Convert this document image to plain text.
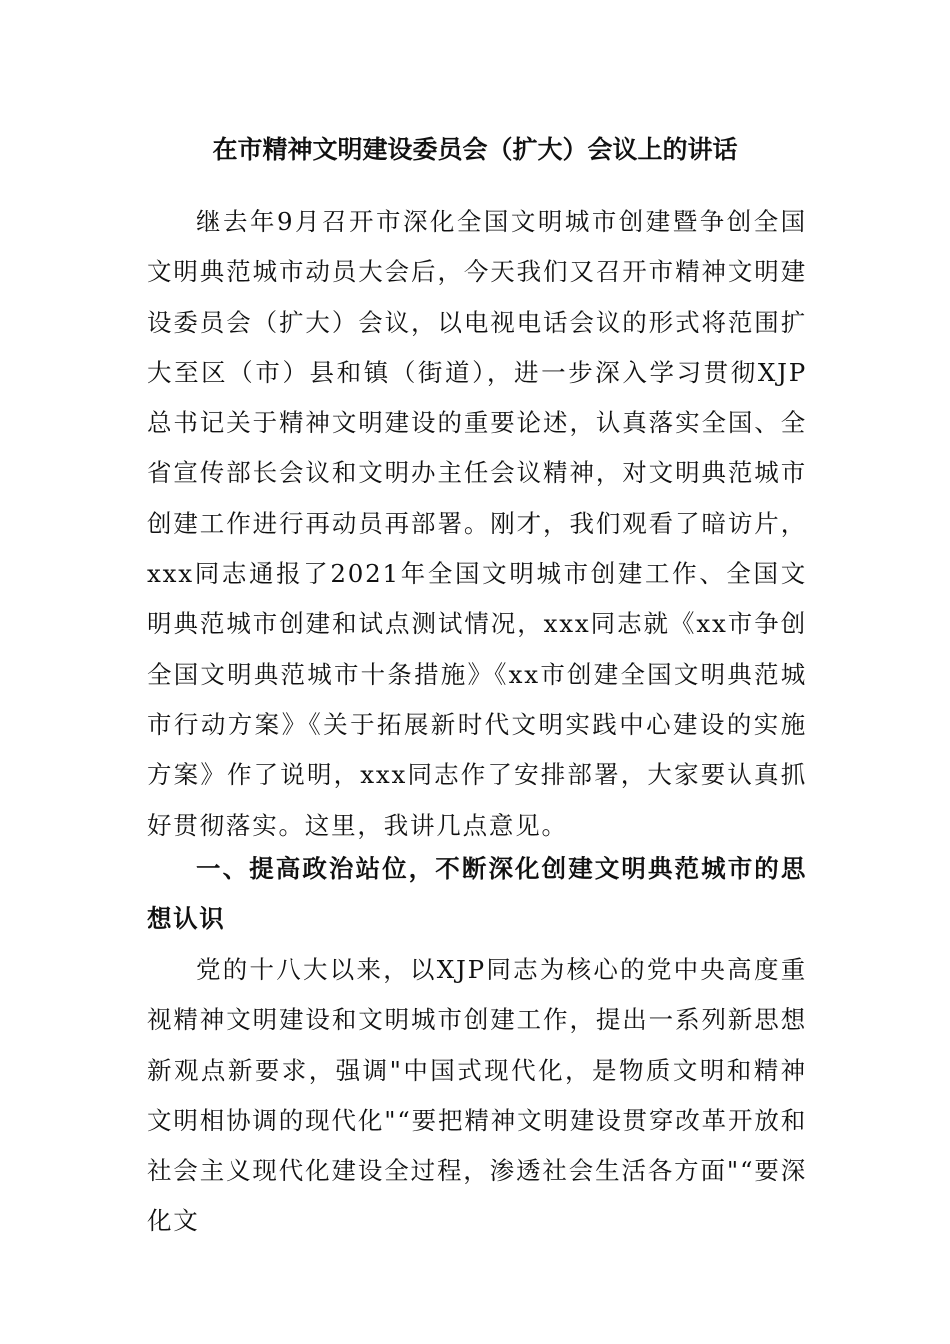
在市精神文明建设委员会（扩大）会议上的讲话

继去年9月召开市深化全国文明城市创建暨争创全国文明典范城市动员大会后，今天我们又召开市精神文明建设委员会（扩大）会议，以电视电话会议的形式将范围扩大至区（市）县和镇（街道），进一步深入学习贯彻XJP总书记关于精神文明建设的重要论述，认真落实全国、全省宣传部长会议和文明办主任会议精神，对文明典范城市创建工作进行再动员再部署。刚才，我们观看了暗访片，xxx同志通报了2021年全国文明城市创建工作、全国文明典范城市创建和试点测试情况，xxx同志就《xx市争创全国文明典范城市十条措施》《xx市创建全国文明典范城市行动方案》《关于拓展新时代文明实践中心建设的实施方案》作了说明，xxx同志作了安排部署，大家要认真抓好贯彻落实。这里，我讲几点意见。

一、提高政治站位，不断深化创建文明典范城市的思想认识

党的十八大以来，以XJP同志为核心的党中央高度重视精神文明建设和文明城市创建工作，提出一系列新思想新观点新要求，强调"中国式现代化，是物质文明和精神文明相协调的现代化"“要把精神文明建设贯穿改革开放和社会主义现代化建设全过程，渗透社会生活各方面"“要深化文
